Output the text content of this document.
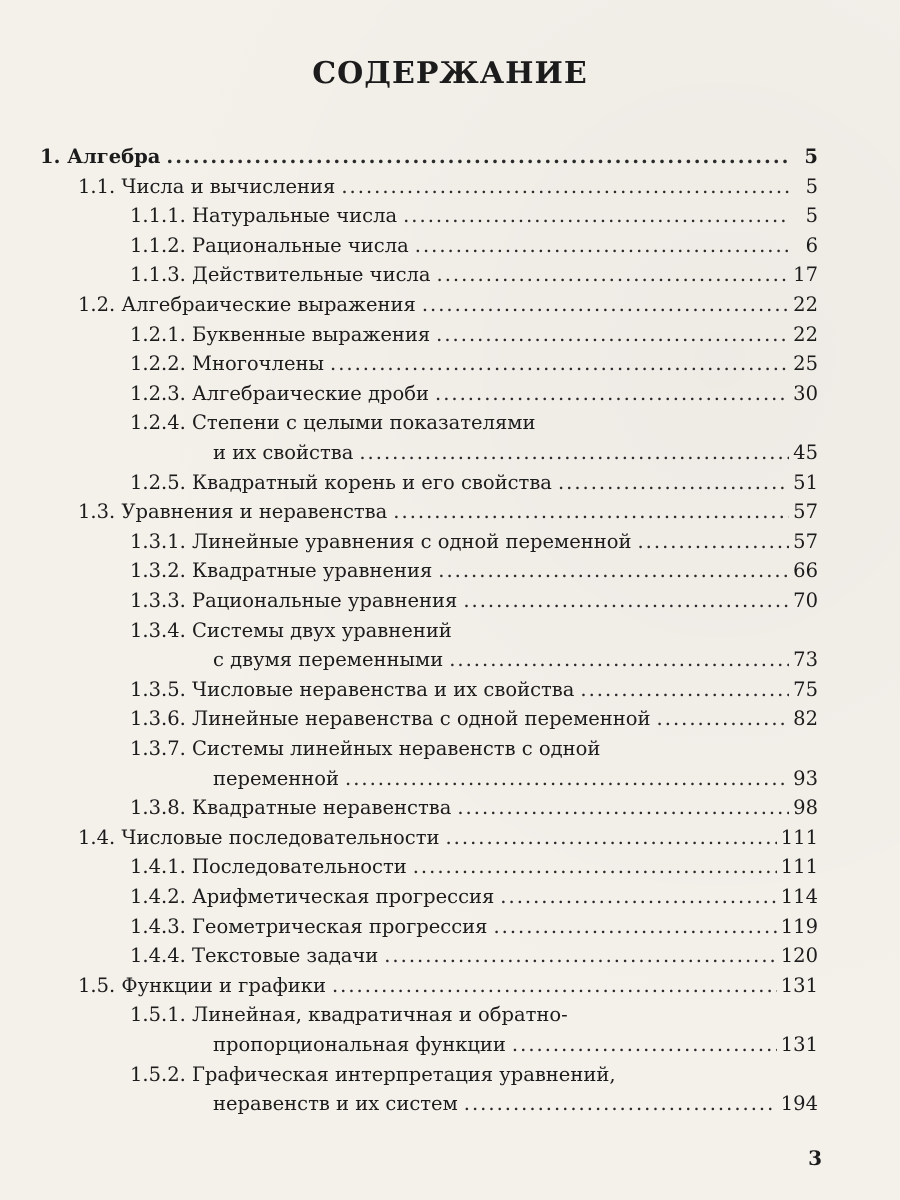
СОДЕРЖАНИЕ
1. Алгебра .....	5
1.1. Числа и вычисления .....	5
1.1.1. Натуральные числа .....	5
1.1.2. Рациональные числа .....	6
1.1.3. Действительные числа .....	17
1.2. Алгебраические выражения .....	22
1.2.1. Буквенные выражения .....	22
1.2.2. Многочлены .....	25
1.2.3. Алгебраические дроби .....	30
1.2.4. Степени с целыми показателями
и их свойства .....	45
1.2.5. Квадратный корень и его свойства .....	51
1.3. Уравнения и неравенства .....	57
1.3.1. Линейные уравнения с одной переменной .....	57
1.3.2. Квадратные уравнения .....	66
1.3.3. Рациональные уравнения .....	70
1.3.4. Системы двух уравнений
с двумя переменными .....	73
1.3.5. Числовые неравенства и их свойства .....	75
1.3.6. Линейные неравенства с одной переменной .....	82
1.3.7. Системы линейных неравенств с одной
переменной .....	93
1.3.8. Квадратные неравенства .....	98
1.4. Числовые последовательности .....	111
1.4.1. Последовательности .....	111
1.4.2. Арифметическая прогрессия .....	114
1.4.3. Геометрическая прогрессия .....	119
1.4.4. Текстовые задачи .....	120
1.5. Функции и графики .....	131
1.5.1. Линейная, квадратичная и обратно-
пропорциональная функции .....	131
1.5.2. Графическая интерпретация уравнений,
неравенств и их систем .....	194
3
